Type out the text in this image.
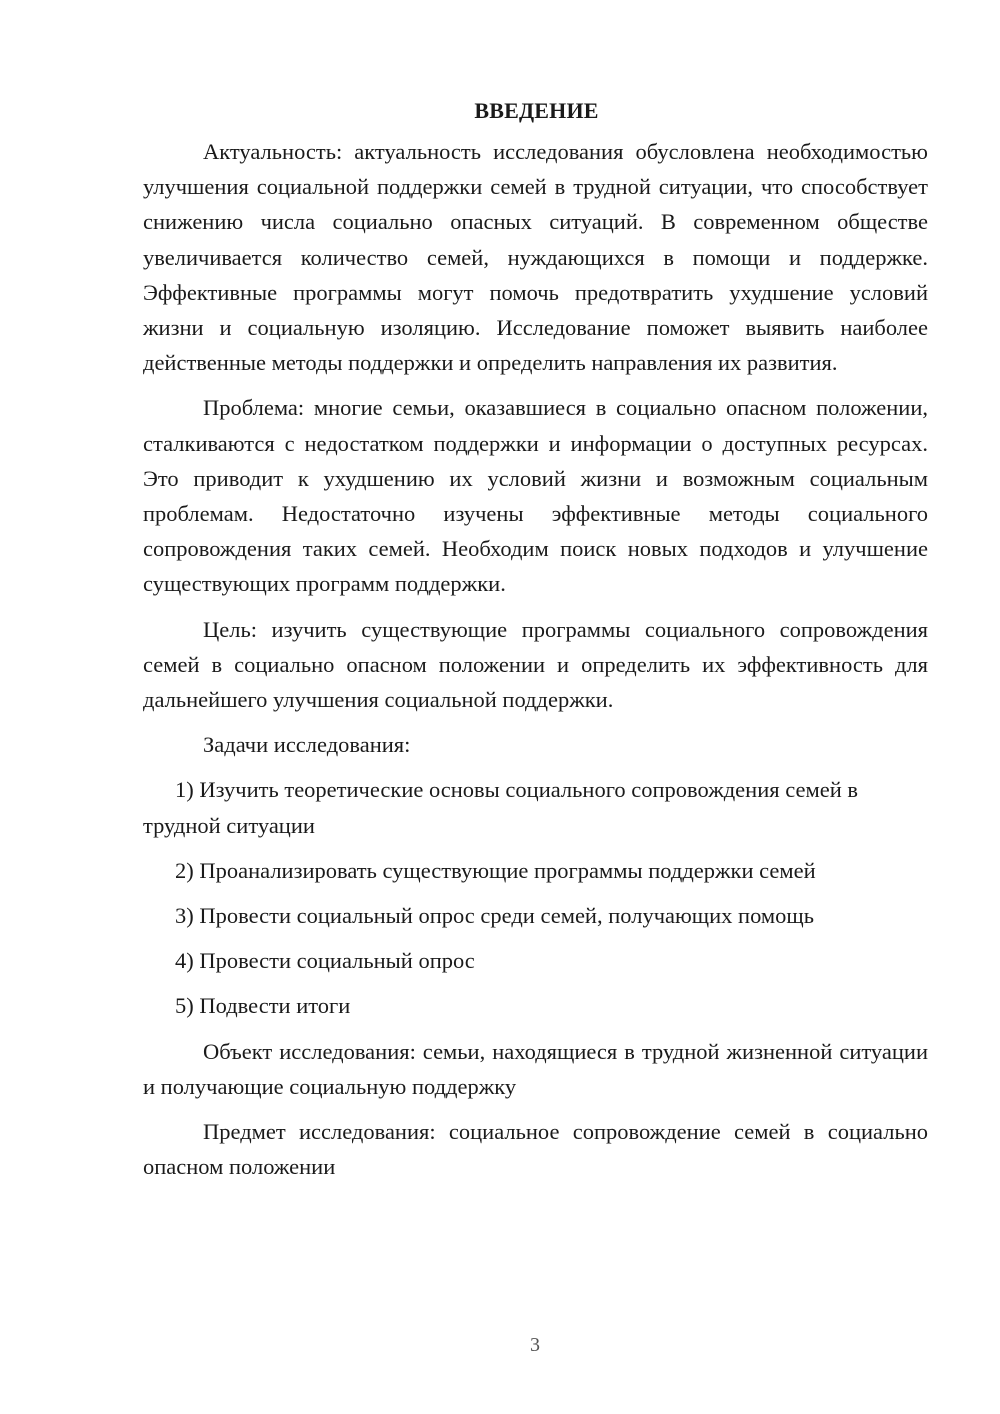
ВВЕДЕНИЕ

Актуальность: актуальность исследования обусловлена необходимостью улучшения социальной поддержки семей в трудной ситуации, что способствует снижению числа социально опасных ситуаций. В современном обществе увеличивается количество семей, нуждающихся в помощи и поддержке. Эффективные программы могут помочь предотвратить ухудшение условий жизни и социальную изоляцию. Исследование поможет выявить наиболее действенные методы поддержки и определить направления их развития.

Проблема: многие семьи, оказавшиеся в социально опасном положении, сталкиваются с недостатком поддержки и информации о доступных ресурсах. Это приводит к ухудшению их условий жизни и возможным социальным проблемам. Недостаточно изучены эффективные методы социального сопровождения таких семей. Необходим поиск новых подходов и улучшение существующих программ поддержки.

Цель: изучить существующие программы социального сопровождения семей в социально опасном положении и определить их эффективность для дальнейшего улучшения социальной поддержки.

Задачи исследования:

1) Изучить теоретические основы социального сопровождения семей в трудной ситуации

2) Проанализировать существующие программы поддержки семей

3) Провести социальный опрос среди семей, получающих помощь

4) Провести социальный опрос

5) Подвести итоги

Объект исследования: семьи, находящиеся в трудной жизненной ситуации и получающие социальную поддержку

Предмет исследования: социальное сопровождение семей в социально опасном положении

3
